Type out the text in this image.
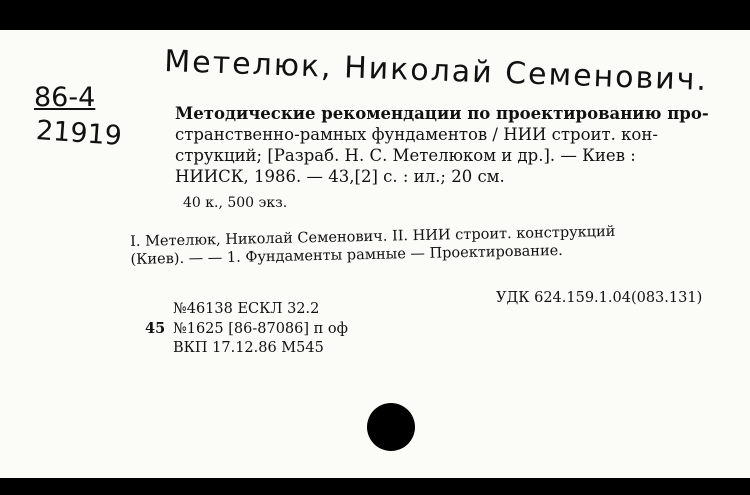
Метелюк, Николай Семенович.
86-4
21919
Методические рекомендации по проектированию про-
странственно-рамных фундаментов / НИИ строит. кон-
струкций; [Разраб. Н. С. Метелюком и др.]. — Киев :
НИИСК, 1986. — 43,[2] с. : ил.; 20 см.
40 к., 500 экз.
I. Метелюк, Николай Семенович. II. НИИ строит. конструкций
(Киев). — — 1. Фундаменты рамные — Проектирование.
УДК 624.159.1.04(083.131)
№46138 ЕСКЛ 32.2
45 №1625 [86-87086] п оф
ВКП 17.12.86 М545
